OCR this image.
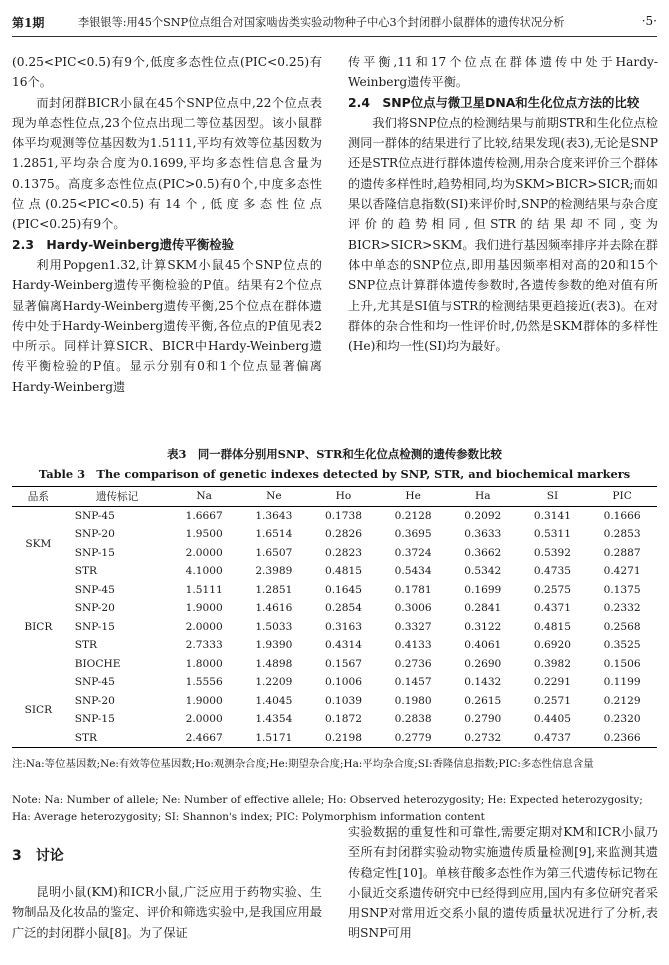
第1期	李银银等:用45个SNP位点组合对国家啮齿类实验动物种子中心3个封闭群小鼠群体的遗传状况分析	·5·

(0.25<PIC<0.5)有9个,低度多态性位点(PIC<0.25)有16个。

而封闭群BICR小鼠在45个SNP位点中,22个位点表现为单态性位点,23个位点出现二等位基因型。该小鼠群体平均观测等位基因数为1.5111,平均有效等位基因数为1.2851,平均杂合度为0.1699,平均多态性信息含量为0.1375。高度多态性位点(PIC>0.5)有0个,中度多态性位点(0.25<PIC<0.5)有14个,低度多态性位点(PIC<0.25)有9个。

2.3　Hardy-Weinberg遗传平衡检验

利用Popgen1.32,计算SKM小鼠45个SNP位点的Hardy-Weinberg遗传平衡检验的P值。结果有2个位点显著偏离Hardy-Weinberg遗传平衡,25个位点在群体遗传中处于Hardy-Weinberg遗传平衡,各位点的P值见表2中所示。同样计算SICR、BICR中Hardy-Weinberg遗传平衡检验的P值。显示分别有0和1个位点显著偏离Hardy-Weinberg遗

传平衡,11和17个位点在群体遗传中处于Hardy-Weinberg遗传平衡。

2.4　SNP位点与微卫星DNA和生化位点方法的比较

我们将SNP位点的检测结果与前期STR和生化位点检测同一群体的结果进行了比较,结果发现(表3),无论是SNP还是STR位点进行群体遗传检测,用杂合度来评价三个群体的遗传多样性时,趋势相同,均为SKM>BICR>SICR;而如果以香隆信息指数(SI)来评价时,SNP的检测结果与杂合度评价的趋势相同,但STR的结果却不同,变为BICR>SICR>SKM。我们进行基因频率排序并去除在群体中单态的SNP位点,即用基因频率相对高的20和15个SNP位点计算群体遗传参数时,各遗传参数的绝对值有所上升,尤其是SI值与STR的检测结果更趋接近(表3)。在对群体的杂合性和均一性评价时,仍然是SKM群体的多样性(He)和均一性(SI)均为最好。

表3　同一群体分别用SNP、STR和生化位点检测的遗传参数比较
Table 3　The comparison of genetic indexes detected by SNP, STR, and biochemical markers
品系	遗传标记	Na	Ne	Ho	He	Ha	SI	PIC
SKM	SNP-45	1.6667	1.3643	0.1738	0.2128	0.2092	0.3141	0.1666
	SNP-20	1.9500	1.6514	0.2826	0.3695	0.3633	0.5311	0.2853
	SNP-15	2.0000	1.6507	0.2823	0.3724	0.3662	0.5392	0.2887
	STR	4.1000	2.3989	0.4815	0.5434	0.5342	0.4735	0.4271
BICR	SNP-45	1.5111	1.2851	0.1645	0.1781	0.1699	0.2575	0.1375
	SNP-20	1.9000	1.4616	0.2854	0.3006	0.2841	0.4371	0.2332
	SNP-15	2.0000	1.5033	0.3163	0.3327	0.3122	0.4815	0.2568
	STR	2.7333	1.9390	0.4314	0.4133	0.4061	0.6920	0.3525
	BIOCHE	1.8000	1.4898	0.1567	0.2736	0.2690	0.3982	0.1506
SICR	SNP-45	1.5556	1.2209	0.1006	0.1457	0.1432	0.2291	0.1199
	SNP-20	1.9000	1.4045	0.1039	0.1980	0.2615	0.2571	0.2129
	SNP-15	2.0000	1.4354	0.1872	0.2838	0.2790	0.4405	0.2320
	STR	2.4667	1.5171	0.2198	0.2779	0.2732	0.4737	0.2366
注:Na:等位基因数;Ne:有效等位基因数;Ho:观测杂合度;He:期望杂合度;Ha:平均杂合度;SI:香隆信息指数;PIC:多态性信息含量
Note: Na: Number of allele; Ne: Number of effective allele; Ho: Observed heterozygosity; He: Expected heterozygosity; Ha: Average heterozygosity; SI: Shannon's index; PIC: Polymorphism information content
3　讨论

昆明小鼠(KM)和ICR小鼠,广泛应用于药物实验、生物制品及化妆品的鉴定、评价和筛选实验中,是我国应用最广泛的封闭群小鼠[8]。为了保证

实验数据的重复性和可靠性,需要定期对KM和ICR小鼠乃至所有封闭群实验动物实施遗传质量检测[9],来监测其遗传稳定性[10]。单核苷酸多态性作为第三代遗传标记物在小鼠近交系遗传研究中已经得到应用,国内有多位研究者采用SNP对常用近交系小鼠的遗传质量状况进行了分析,表明SNP可用
